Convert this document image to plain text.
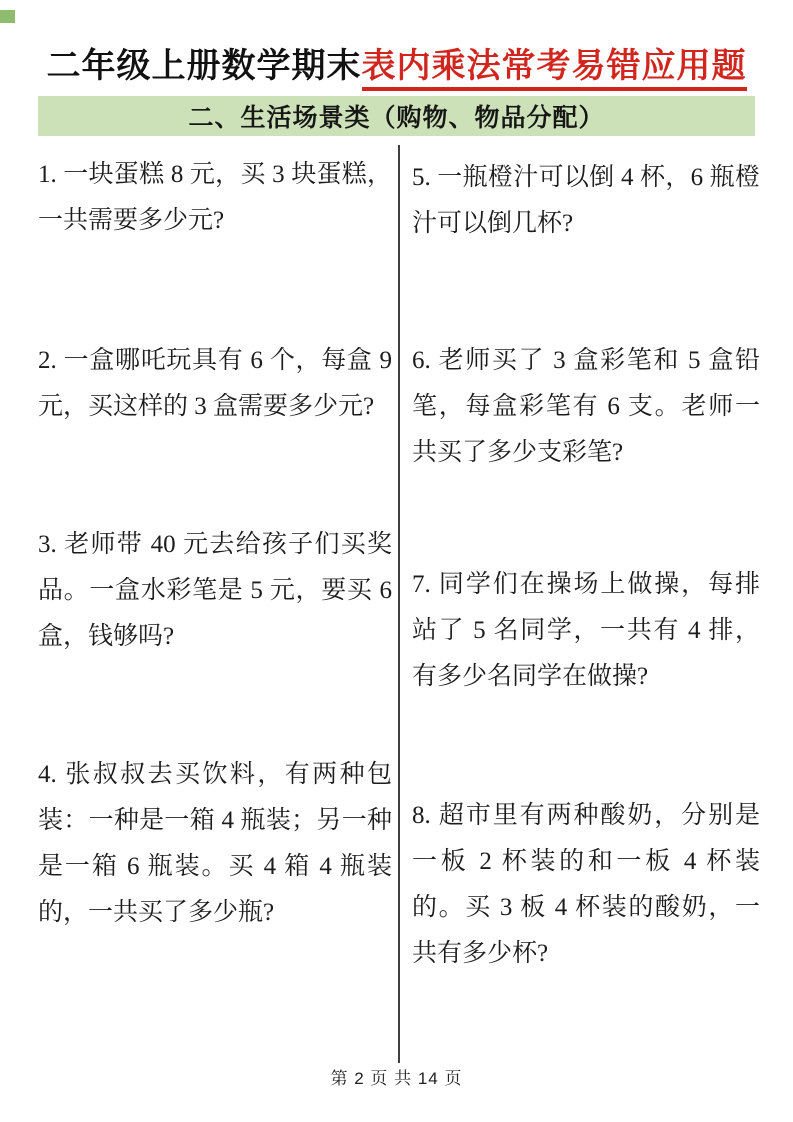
二年级上册数学期末表内乘法常考易错应用题
二、生活场景类（购物、物品分配）
1. 一块蛋糕 8 元，买 3 块蛋糕，一共需要多少元?
2. 一盒哪吒玩具有 6 个，每盒 9 元，买这样的 3 盒需要多少元?
3. 老师带 40 元去给孩子们买奖品。一盒水彩笔是 5 元，要买 6 盒，钱够吗?
4. 张叔叔去买饮料，有两种包装：一种是一箱 4 瓶装；另一种是一箱 6 瓶装。买 4 箱 4 瓶装的，一共买了多少瓶?
5. 一瓶橙汁可以倒 4 杯，6 瓶橙汁可以倒几杯?
6. 老师买了 3 盒彩笔和 5 盒铅笔，每盒彩笔有 6 支。老师一共买了多少支彩笔?
7. 同学们在操场上做操，每排站了 5 名同学，一共有 4 排，有多少名同学在做操?
8. 超市里有两种酸奶，分别是一板 2 杯装的和一板 4 杯装的。买 3 板 4 杯装的酸奶，一共有多少杯?
第 2 页 共 14 页
